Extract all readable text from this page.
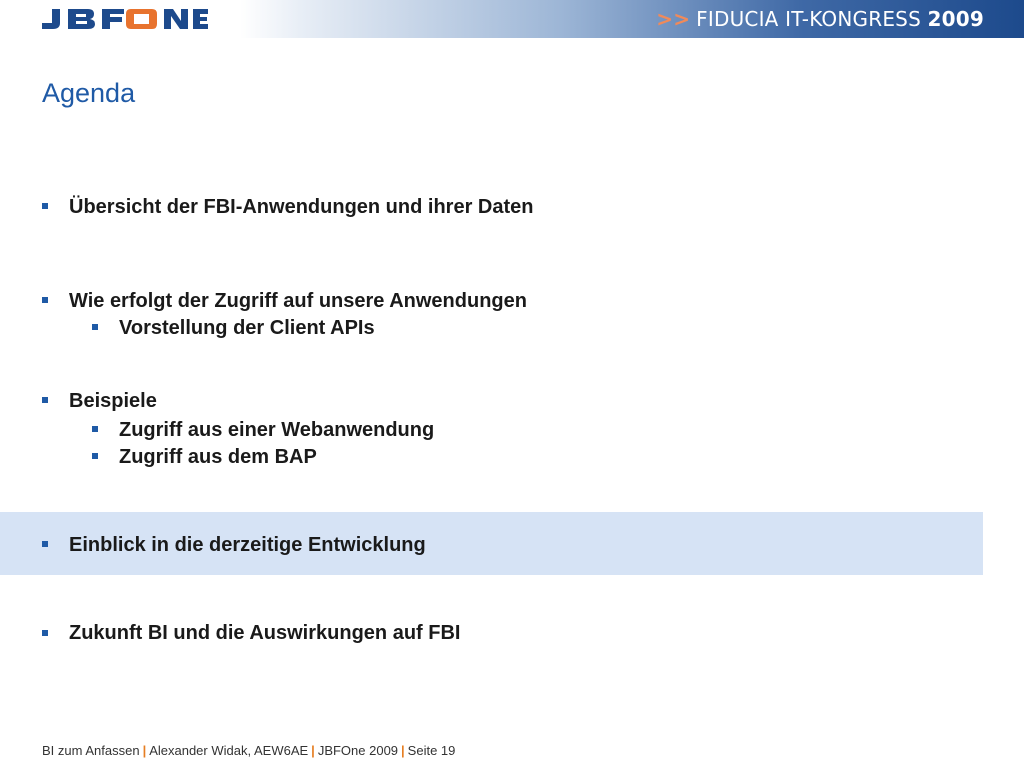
>> FIDUCIA IT-KONGRESS 2009
Agenda
Übersicht der FBI-Anwendungen und ihrer Daten
Wie erfolgt der Zugriff auf unsere Anwendungen
Vorstellung der Client APIs
Beispiele
Zugriff aus einer Webanwendung
Zugriff aus dem BAP
Einblick in die derzeitige Entwicklung
Zukunft BI und die Auswirkungen auf FBI
BI zum Anfassen | Alexander Widak, AEW6AE | JBFOne 2009 | Seite 19
